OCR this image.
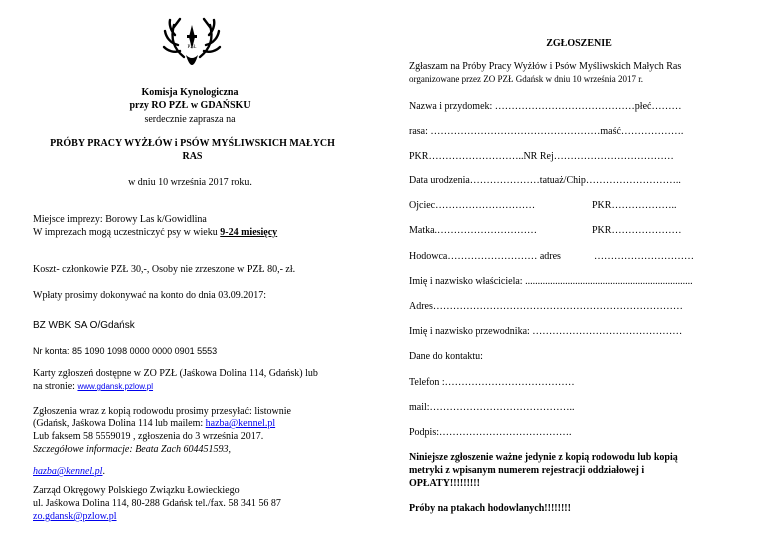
PZŁ
Komisja Kynologiczna
przy RO PZŁ w GDAŃSKU
serdecznie zaprasza na
PRÓBY PRACY WYŻŁÓW i PSÓW MYŚLIWSKICH MAŁYCH
RAS
w dniu 10 września 2017 roku.
Miejsce imprezy: Borowy Las k/Gowidlina
W imprezach mogą uczestniczyć psy w wieku 9-24 miesięcy
Koszt- członkowie PZŁ 30,-, Osoby nie zrzeszone w PZŁ 80,- zł.
Wpłaty prosimy dokonywać na konto do dnia 03.09.2017:
BZ WBK SA O/Gdańsk
Nr konta: 85 1090 1098 0000 0000 0901 5553
Karty zgłoszeń dostępne w ZO PZŁ (Jaśkowa Dolina 114, Gdańsk) lub
na stronie: www.gdansk.pzlow.pl
Zgłoszenia wraz z kopią rodowodu prosimy przesyłać: listownie
(Gdańsk, Jaśkowa Dolina 114 lub mailem: hazba@kennel.pl
Lub faksem 58 5559019 , zgłoszenia do 3 września 2017.
Szczegółowe informacje: Beata Zach 604451593,
hazba@kennel.pl.
Zarząd Okręgowy Polskiego Związku Łowieckiego
ul. Jaśkowa Dolina 114, 80-288 Gdańsk tel./fax. 58 341 56 87
zo.gdansk@pzlow.pl
ZGŁOSZENIE
Zgłaszam na Próby Pracy Wyżłów i Psów Myśliwskich Małych Ras
organizowane przez ZO PZŁ Gdańsk w dniu 10 września 2017 r.
Nazwa i przydomek: ……………………………………płeć………
rasa: ……………………………………………maść……………….
PKR………………………..NR Rej………………………………
Data urodzenia…………………tatuaż/Chip………………………..
Ojciec…………………………	PKR………………..
Matka.…………………………	PKR…………………
Hodowca……………………… adres	…………………………
Imię i nazwisko właściciela: ...................................................................
Adres…………………………………………………………………
Imię i nazwisko przewodnika: ………………………………………
Dane do kontaktu:
Telefon :…………………………………
mail:……………………………………..
Podpis:………………………………….
Niniejsze zgłoszenie ważne jedynie z kopią rodowodu lub kopią
metryki z wpisanym numerem rejestracji oddziałowej i
OPŁATY!!!!!!!!!
Próby na ptakach hodowlanych!!!!!!!!
